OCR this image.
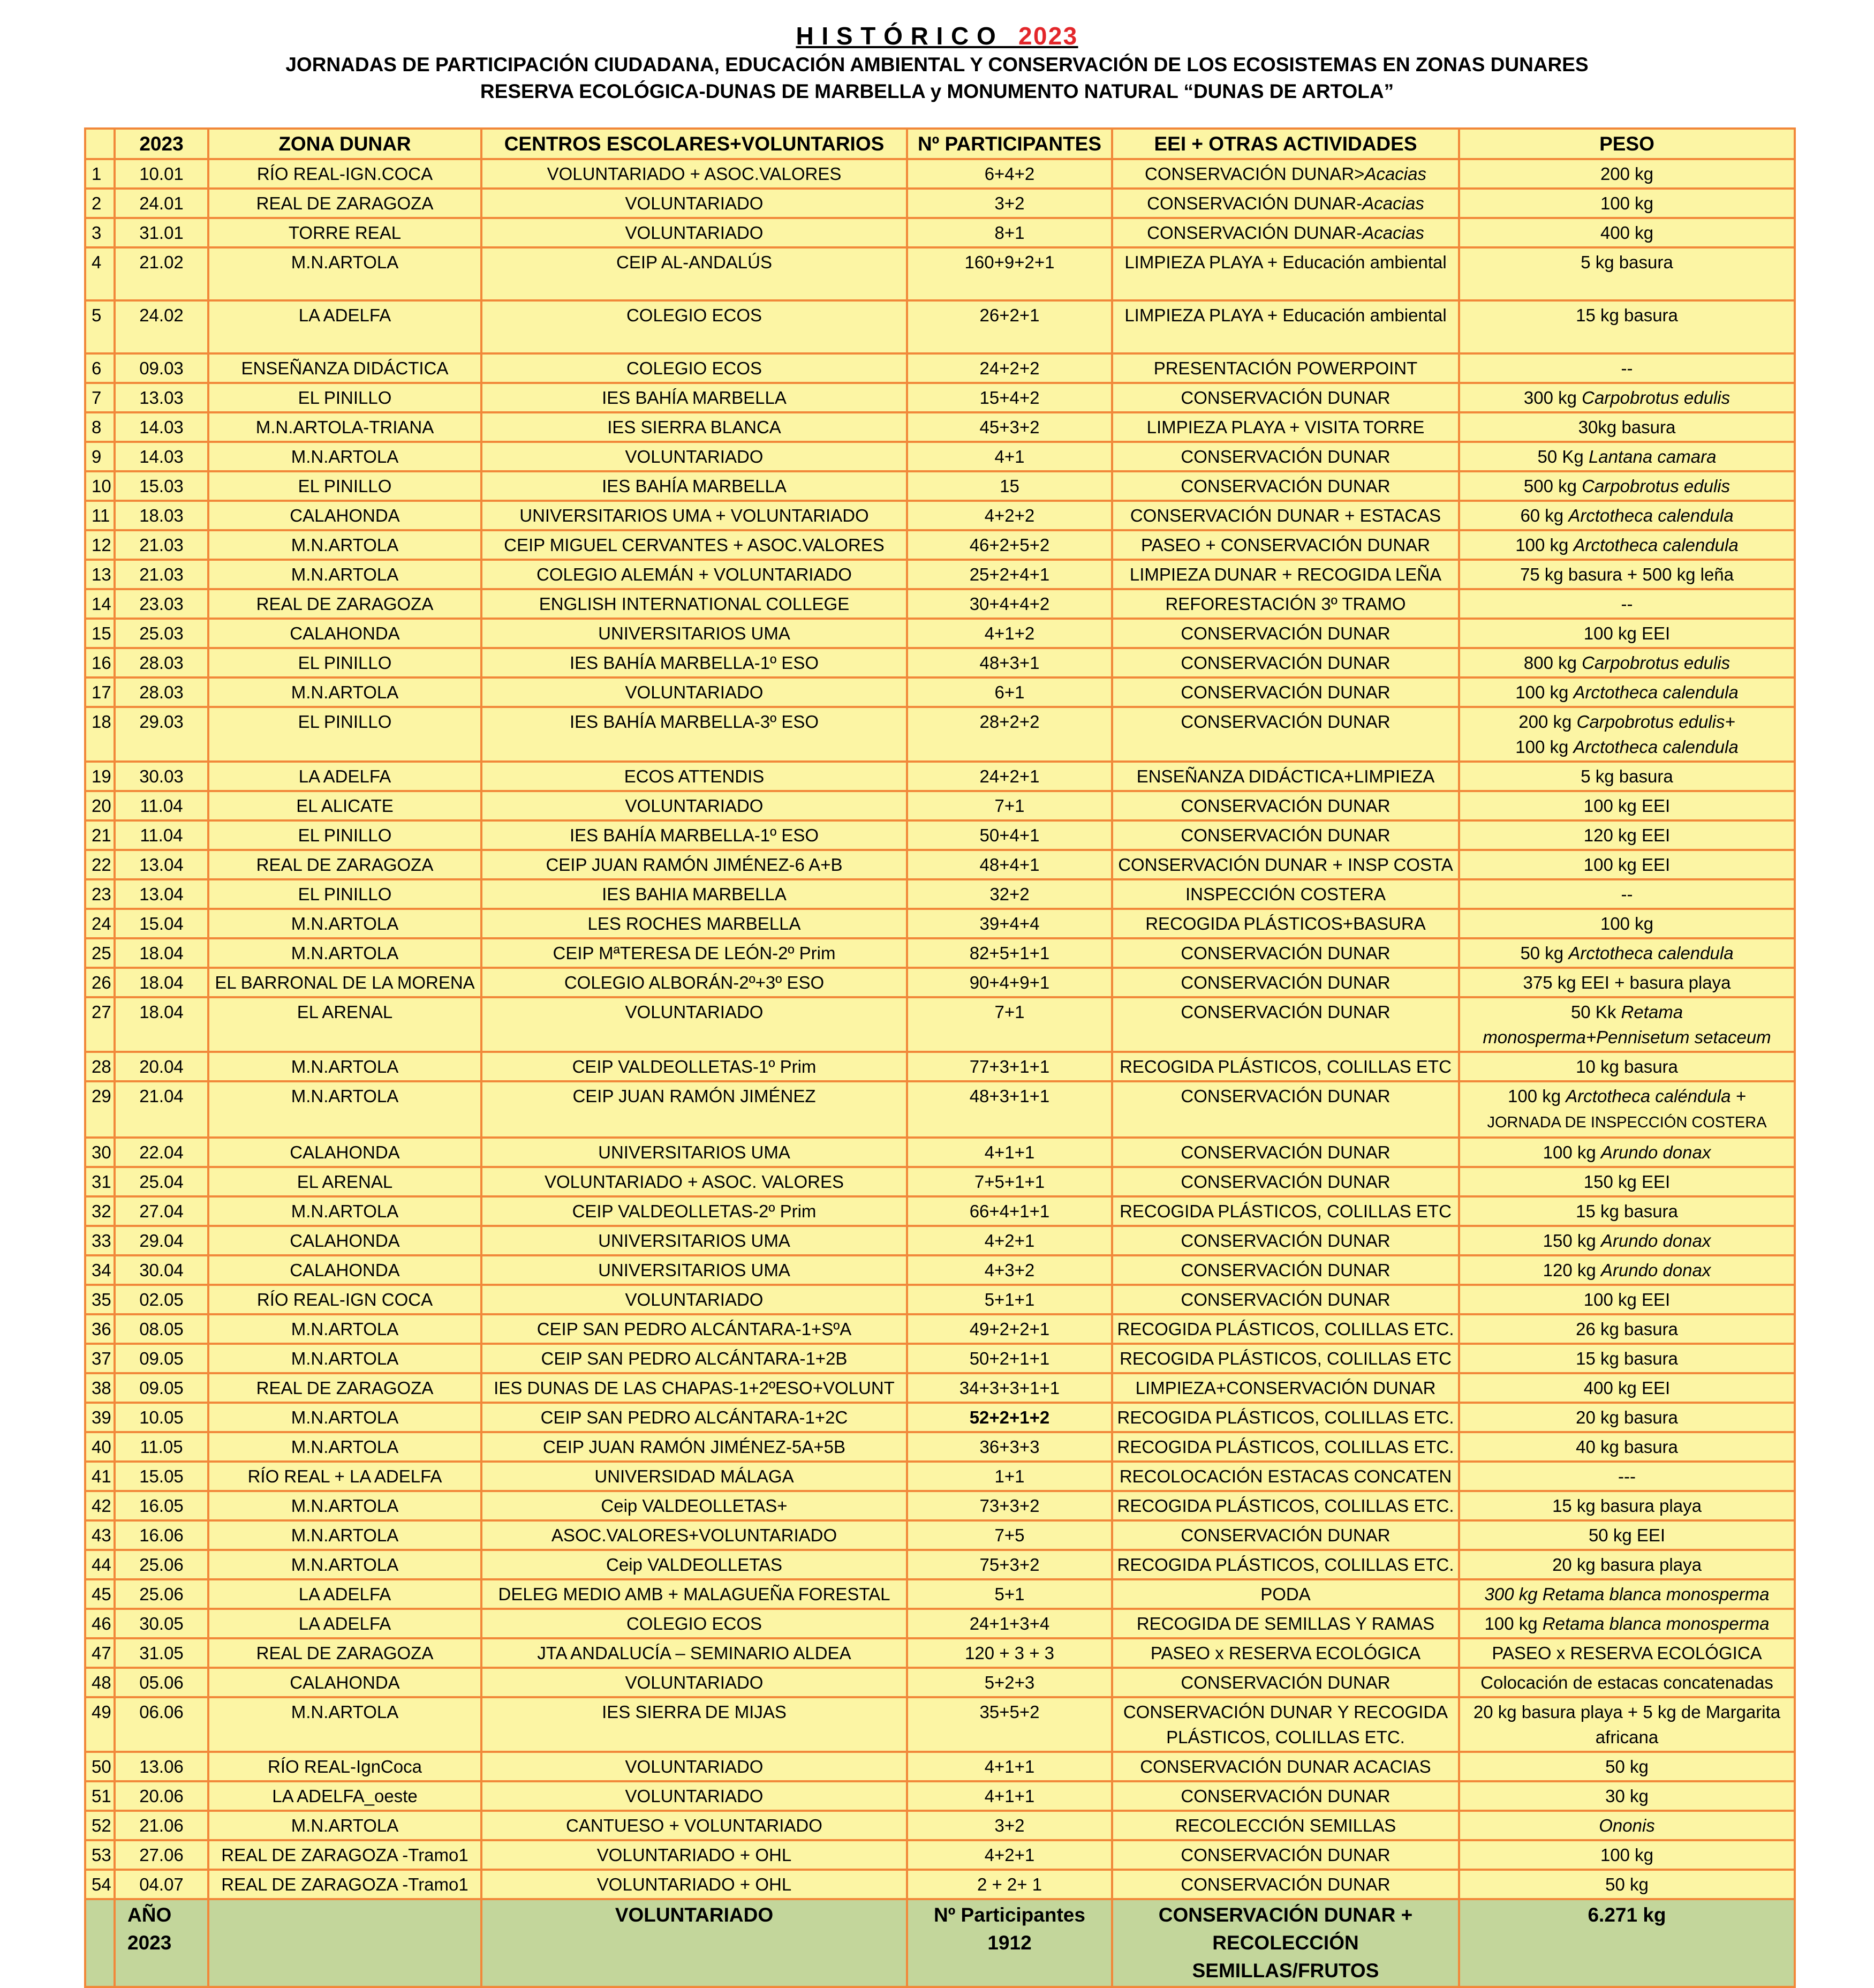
HISTÓRICO 2023
JORNADAS DE PARTICIPACIÓN CIUDADANA, EDUCACIÓN AMBIENTAL Y CONSERVACIÓN DE LOS ECOSISTEMAS EN ZONAS DUNARES
RESERVA ECOLÓGICA-DUNAS DE MARBELLA y MONUMENTO NATURAL “DUNAS DE ARTOLA”
	2023	ZONA DUNAR	CENTROS ESCOLARES+VOLUNTARIOS	Nº PARTICIPANTES	EEI + OTRAS ACTIVIDADES	PESO
1	10.01	RÍO REAL-IGN.COCA	VOLUNTARIADO + ASOC.VALORES	6+4+2	CONSERVACIÓN DUNAR>Acacias	200 kg
2	24.01	REAL DE ZARAGOZA	VOLUNTARIADO	3+2	CONSERVACIÓN DUNAR-Acacias	100 kg
3	31.01	TORRE REAL	VOLUNTARIADO	8+1	CONSERVACIÓN DUNAR-Acacias	400 kg
4	21.02	M.N.ARTOLA	CEIP AL-ANDALÚS	160+9+2+1	LIMPIEZA PLAYA + Educación ambiental	5 kg basura
5	24.02	LA ADELFA	COLEGIO ECOS	26+2+1	LIMPIEZA PLAYA + Educación ambiental	15 kg basura
6	09.03	ENSEÑANZA DIDÁCTICA	COLEGIO ECOS	24+2+2	PRESENTACIÓN POWERPOINT	--
7	13.03	EL PINILLO	IES BAHÍA MARBELLA	15+4+2	CONSERVACIÓN DUNAR	300 kg Carpobrotus edulis
8	14.03	M.N.ARTOLA-TRIANA	IES SIERRA BLANCA	45+3+2	LIMPIEZA PLAYA + VISITA TORRE	30kg basura
9	14.03	M.N.ARTOLA	VOLUNTARIADO	4+1	CONSERVACIÓN DUNAR	50 Kg Lantana camara
10	15.03	EL PINILLO	IES BAHÍA MARBELLA	15	CONSERVACIÓN DUNAR	500 kg Carpobrotus edulis
11	18.03	CALAHONDA	UNIVERSITARIOS UMA + VOLUNTARIADO	4+2+2	CONSERVACIÓN DUNAR + ESTACAS	60 kg Arctotheca calendula
12	21.03	M.N.ARTOLA	CEIP MIGUEL CERVANTES + ASOC.VALORES	46+2+5+2	PASEO + CONSERVACIÓN DUNAR	100 kg Arctotheca calendula
13	21.03	M.N.ARTOLA	COLEGIO ALEMÁN + VOLUNTARIADO	25+2+4+1	LIMPIEZA DUNAR + RECOGIDA LEÑA	75 kg basura + 500 kg leña
14	23.03	REAL DE ZARAGOZA	ENGLISH INTERNATIONAL COLLEGE	30+4+4+2	REFORESTACIÓN 3º TRAMO	--
15	25.03	CALAHONDA	UNIVERSITARIOS UMA	4+1+2	CONSERVACIÓN DUNAR	100 kg EEI
16	28.03	EL PINILLO	IES BAHÍA MARBELLA-1º ESO	48+3+1	CONSERVACIÓN DUNAR	800 kg Carpobrotus edulis
17	28.03	M.N.ARTOLA	VOLUNTARIADO	6+1	CONSERVACIÓN DUNAR	100 kg Arctotheca calendula
18	29.03	EL PINILLO	IES BAHÍA MARBELLA-3º ESO	28+2+2	CONSERVACIÓN DUNAR	200 kg Carpobrotus edulis+
100 kg Arctotheca calendula
19	30.03	LA ADELFA	ECOS ATTENDIS	24+2+1	ENSEÑANZA DIDÁCTICA+LIMPIEZA	5 kg basura
20	11.04	EL ALICATE	VOLUNTARIADO	7+1	CONSERVACIÓN DUNAR	100 kg EEI
21	11.04	EL PINILLO	IES BAHÍA MARBELLA-1º ESO	50+4+1	CONSERVACIÓN DUNAR	120 kg EEI
22	13.04	REAL DE ZARAGOZA	CEIP JUAN RAMÓN JIMÉNEZ-6 A+B	48+4+1	CONSERVACIÓN DUNAR + INSP COSTA	100 kg EEI
23	13.04	EL PINILLO	IES BAHIA MARBELLA	32+2	INSPECCIÓN COSTERA	--
24	15.04	M.N.ARTOLA	LES ROCHES MARBELLA	39+4+4	RECOGIDA PLÁSTICOS+BASURA	100 kg
25	18.04	M.N.ARTOLA	CEIP MªTERESA DE LEÓN-2º Prim	82+5+1+1	CONSERVACIÓN DUNAR	50 kg Arctotheca calendula
26	18.04	EL BARRONAL DE LA MORENA	COLEGIO ALBORÁN-2º+3º ESO	90+4+9+1	CONSERVACIÓN DUNAR	375 kg EEI + basura playa
27	18.04	EL ARENAL	VOLUNTARIADO	7+1	CONSERVACIÓN DUNAR	50 Kk Retama
monosperma+Pennisetum setaceum
28	20.04	M.N.ARTOLA	CEIP VALDEOLLETAS-1º Prim	77+3+1+1	RECOGIDA PLÁSTICOS, COLILLAS ETC	10 kg basura
29	21.04	M.N.ARTOLA	CEIP JUAN RAMÓN JIMÉNEZ	48+3+1+1	CONSERVACIÓN DUNAR	100 kg Arctotheca caléndula +
JORNADA DE INSPECCIÓN COSTERA
30	22.04	CALAHONDA	UNIVERSITARIOS UMA	4+1+1	CONSERVACIÓN DUNAR	100 kg Arundo donax
31	25.04	EL ARENAL	VOLUNTARIADO + ASOC. VALORES	7+5+1+1	CONSERVACIÓN DUNAR	150 kg EEI
32	27.04	M.N.ARTOLA	CEIP VALDEOLLETAS-2º Prim	66+4+1+1	RECOGIDA PLÁSTICOS, COLILLAS ETC	15 kg basura
33	29.04	CALAHONDA	UNIVERSITARIOS UMA	4+2+1	CONSERVACIÓN DUNAR	150 kg Arundo donax
34	30.04	CALAHONDA	UNIVERSITARIOS UMA	4+3+2	CONSERVACIÓN DUNAR	120 kg Arundo donax
35	02.05	RÍO REAL-IGN COCA	VOLUNTARIADO	5+1+1	CONSERVACIÓN DUNAR	100 kg EEI
36	08.05	M.N.ARTOLA	CEIP SAN PEDRO ALCÁNTARA-1+SºA	49+2+2+1	RECOGIDA PLÁSTICOS, COLILLAS ETC.	26 kg basura
37	09.05	M.N.ARTOLA	CEIP SAN PEDRO ALCÁNTARA-1+2B	50+2+1+1	RECOGIDA PLÁSTICOS, COLILLAS ETC	15 kg basura
38	09.05	REAL DE ZARAGOZA	IES DUNAS DE LAS CHAPAS-1+2ºESO+VOLUNT	34+3+3+1+1	LIMPIEZA+CONSERVACIÓN DUNAR	400 kg EEI
39	10.05	M.N.ARTOLA	CEIP SAN PEDRO ALCÁNTARA-1+2C	52+2+1+2	RECOGIDA PLÁSTICOS, COLILLAS ETC.	20 kg basura
40	11.05	M.N.ARTOLA	CEIP JUAN RAMÓN JIMÉNEZ-5A+5B	36+3+3	RECOGIDA PLÁSTICOS, COLILLAS ETC.	40 kg basura
41	15.05	RÍO REAL + LA ADELFA	UNIVERSIDAD MÁLAGA	1+1	RECOLOCACIÓN ESTACAS CONCATEN	---
42	16.05	M.N.ARTOLA	Ceip VALDEOLLETAS+	73+3+2	RECOGIDA PLÁSTICOS, COLILLAS ETC.	15 kg basura playa
43	16.06	M.N.ARTOLA	ASOC.VALORES+VOLUNTARIADO	7+5	CONSERVACIÓN DUNAR	50 kg EEI
44	25.06	M.N.ARTOLA	Ceip VALDEOLLETAS	75+3+2	RECOGIDA PLÁSTICOS, COLILLAS ETC.	20 kg basura playa
45	25.06	LA ADELFA	DELEG MEDIO AMB + MALAGUEÑA FORESTAL	5+1	PODA	300 kg Retama blanca monosperma
46	30.05	LA ADELFA	COLEGIO ECOS	24+1+3+4	RECOGIDA DE SEMILLAS Y RAMAS	100 kg Retama blanca monosperma
47	31.05	REAL DE ZARAGOZA	JTA ANDALUCÍA – SEMINARIO ALDEA	120 + 3 + 3	PASEO x RESERVA ECOLÓGICA	PASEO x RESERVA ECOLÓGICA
48	05.06	CALAHONDA	VOLUNTARIADO	5+2+3	CONSERVACIÓN DUNAR	Colocación de estacas concatenadas
49	06.06	M.N.ARTOLA	IES SIERRA DE MIJAS	35+5+2	CONSERVACIÓN DUNAR Y RECOGIDA PLÁSTICOS, COLILLAS ETC.	20 kg basura playa + 5 kg de Margarita africana
50	13.06	RÍO REAL-IgnCoca	VOLUNTARIADO	4+1+1	CONSERVACIÓN DUNAR ACACIAS	50 kg
51	20.06	LA ADELFA_oeste	VOLUNTARIADO	4+1+1	CONSERVACIÓN DUNAR	30 kg
52	21.06	M.N.ARTOLA	CANTUESO + VOLUNTARIADO	3+2	RECOLECCIÓN SEMILLAS	Ononis
53	27.06	REAL DE ZARAGOZA -Tramo1	VOLUNTARIADO + OHL	4+2+1	CONSERVACIÓN DUNAR	100 kg
54	04.07	REAL DE ZARAGOZA -Tramo1	VOLUNTARIADO + OHL	2 + 2+ 1	CONSERVACIÓN DUNAR	50 kg
	AÑO 2023		VOLUNTARIADO	Nº Participantes 1912	CONSERVACIÓN DUNAR + RECOLECCIÓN SEMILLAS/FRUTOS	6.271 kg
